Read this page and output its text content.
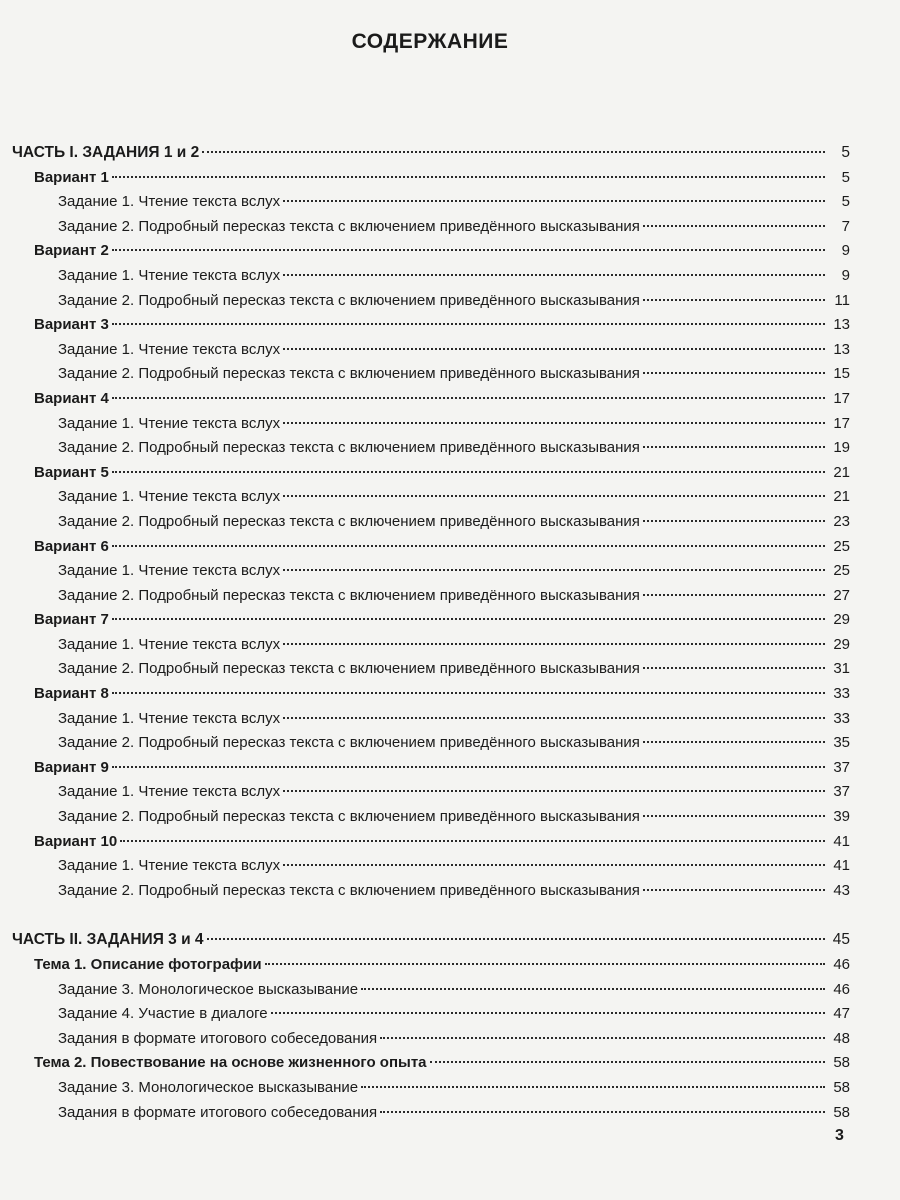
СОДЕРЖАНИЕ
ЧАСТЬ I. ЗАДАНИЯ 1 и 2	5
Вариант 1	5
Задание 1. Чтение текста вслух	5
Задание 2. Подробный пересказ текста с включением приведённого высказывания	7
Вариант 2	9
Задание 1. Чтение текста вслух	9
Задание 2. Подробный пересказ текста с включением приведённого высказывания	11
Вариант 3	13
Задание 1. Чтение текста вслух	13
Задание 2. Подробный пересказ текста с включением приведённого высказывания	15
Вариант 4	17
Задание 1. Чтение текста вслух	17
Задание 2. Подробный пересказ текста с включением приведённого высказывания	19
Вариант 5	21
Задание 1. Чтение текста вслух	21
Задание 2. Подробный пересказ текста с включением приведённого высказывания	23
Вариант 6	25
Задание 1. Чтение текста вслух	25
Задание 2. Подробный пересказ текста с включением приведённого высказывания	27
Вариант 7	29
Задание 1. Чтение текста вслух	29
Задание 2. Подробный пересказ текста с включением приведённого высказывания	31
Вариант 8	33
Задание 1. Чтение текста вслух	33
Задание 2. Подробный пересказ текста с включением приведённого высказывания	35
Вариант 9	37
Задание 1. Чтение текста вслух	37
Задание 2. Подробный пересказ текста с включением приведённого высказывания	39
Вариант 10	41
Задание 1. Чтение текста вслух	41
Задание 2. Подробный пересказ текста с включением приведённого высказывания	43
ЧАСТЬ II. ЗАДАНИЯ 3 и 4	45
Тема 1. Описание фотографии	46
Задание 3. Монологическое высказывание	46
Задание 4. Участие в диалоге	47
Задания в формате итогового собеседования	48
Тема 2. Повествование на основе жизненного опыта	58
Задание 3. Монологическое высказывание	58
Задания в формате итогового собеседования	58
3
